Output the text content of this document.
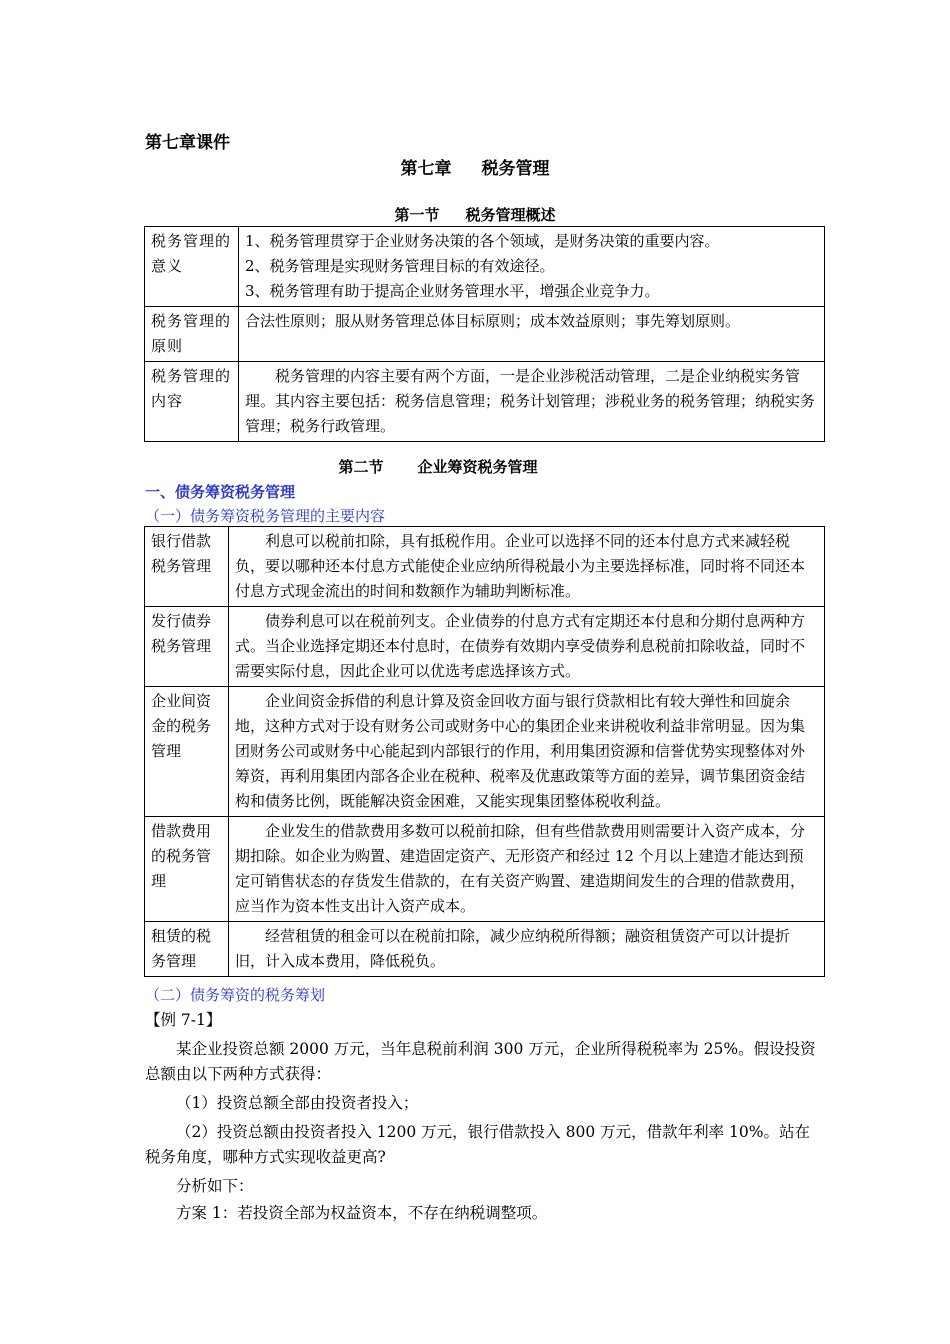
第七章课件
第七章 税务管理
第一节 税务管理概述
税务管理的意义	1、税务管理贯穿于企业财务决策的各个领域，是财务决策的重要内容。
2、税务管理是实现财务管理目标的有效途径。
3、税务管理有助于提高企业财务管理水平，增强企业竞争力。

税务管理的原则	合法性原则；服从财务管理总体目标原则；成本效益原则；事先筹划原则。

税务管理的内容	税务管理的内容主要有两个方面，一是企业涉税活动管理，二是企业纳税实务管理。其内容主要包括：税务信息管理；税务计划管理；涉税业务的税务管理；纳税实务管理；税务行政管理。
第二节 企业筹资税务管理
一、债务筹资税务管理
（一）债务筹资税务管理的主要内容
银行借款税务管理	利息可以税前扣除，具有抵税作用。企业可以选择不同的还本付息方式来减轻税负，要以哪种还本付息方式能使企业应纳所得税最小为主要选择标准，同时将不同还本付息方式现金流出的时间和数额作为辅助判断标准。
发行债券税务管理	债券利息可以在税前列支。企业债券的付息方式有定期还本付息和分期付息两种方式。当企业选择定期还本付息时，在债券有效期内享受债券利息税前扣除收益，同时不需要实际付息，因此企业可以优选考虑选择该方式。
企业间资金的税务管理	企业间资金拆借的利息计算及资金回收方面与银行贷款相比有较大弹性和回旋余地，这种方式对于设有财务公司或财务中心的集团企业来讲税收利益非常明显。因为集团财务公司或财务中心能起到内部银行的作用，利用集团资源和信誉优势实现整体对外筹资，再利用集团内部各企业在税种、税率及优惠政策等方面的差异，调节集团资金结构和债务比例，既能解决资金困难，又能实现集团整体税收利益。
借款费用的税务管理	企业发生的借款费用多数可以税前扣除，但有些借款费用则需要计入资产成本，分期扣除。如企业为购置、建造固定资产、无形资产和经过 12 个月以上建造才能达到预定可销售状态的存货发生借款的，在有关资产购置、建造期间发生的合理的借款费用，应当作为资本性支出计入资产成本。
租赁的税务管理	经营租赁的租金可以在税前扣除，减少应纳税所得额；融资租赁资产可以计提折旧，计入成本费用，降低税负。
（二）债务筹资的税务筹划
【例 7-1】
某企业投资总额 2000 万元，当年息税前利润 300 万元，企业所得税税率为 25%。假设投资总额由以下两种方式获得：
（1）投资总额全部由投资者投入；
（2）投资总额由投资者投入 1200 万元，银行借款投入 800 万元，借款年利率 10%。站在税务角度，哪种方式实现收益更高?
分析如下：
方案 1：若投资全部为权益资本，不存在纳税调整项。
